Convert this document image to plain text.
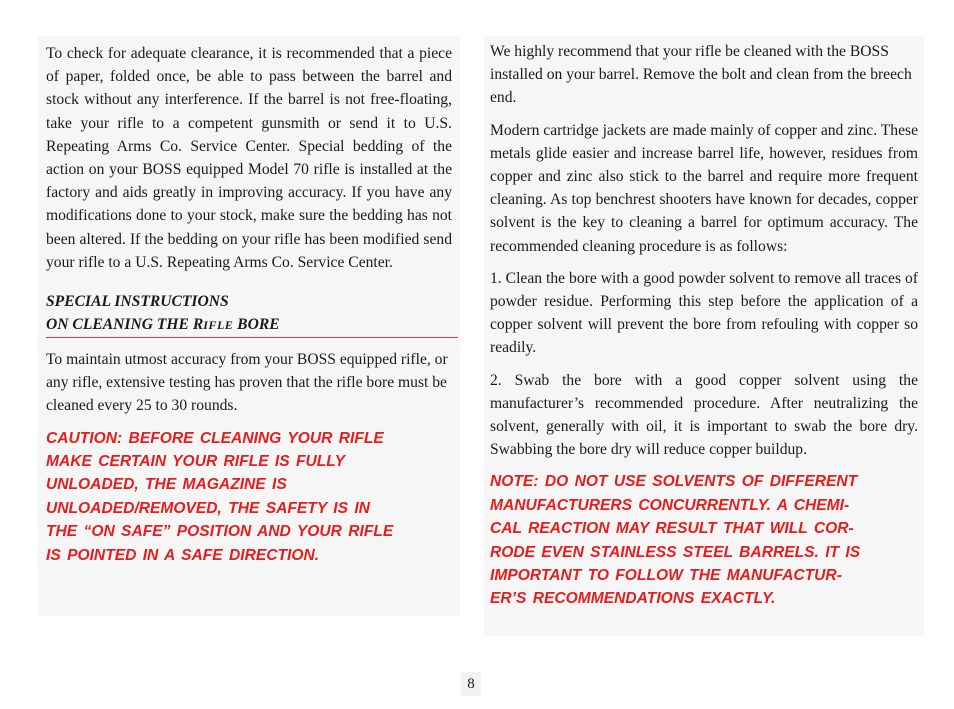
To check for adequate clearance, it is recommended that a piece of paper, folded once, be able to pass between the barrel and stock without any interference. If the barrel is not free-floating, take your rifle to a competent gunsmith or send it to U.S. Repeating Arms Co. Service Center. Special bedding of the action on your BOSS equipped Model 70 rifle is installed at the factory and aids greatly in improving accuracy. If you have any modifications done to your stock, make sure the bedding has not been altered. If the bedding on your rifle has been modified send your rifle to a U.S. Repeating Arms Co. Service Center.

SPECIAL INSTRUCTIONS
ON CLEANING THE RIFLE BORE

To maintain utmost accuracy from your BOSS equipped rifle, or any rifle, extensive testing has proven that the rifle bore must be cleaned every 25 to 30 rounds.

CAUTION: BEFORE CLEANING YOUR RIFLE

MAKE CERTAIN YOUR RIFLE IS FULLY

UNLOADED, THE MAGAZINE IS

UNLOADED/REMOVED, THE SAFETY IS IN

THE “ON SAFE” POSITION AND YOUR RIFLE

IS POINTED IN A SAFE DIRECTION.

We highly recommend that your rifle be cleaned with the BOSS installed on your barrel. Remove the bolt and clean from the breech end.

Modern cartridge jackets are made mainly of copper and zinc. These metals glide easier and increase barrel life, however, residues from copper and zinc also stick to the barrel and require more frequent cleaning. As top benchrest shooters have known for decades, copper solvent is the key to cleaning a barrel for optimum accuracy. The recommended cleaning procedure is as follows:

1. Clean the bore with a good powder solvent to remove all traces of powder residue. Performing this step before the application of a copper solvent will prevent the bore from refouling with copper so readily.

2. Swab the bore with a good copper solvent using the manufacturer’s recommended procedure. After neutralizing the solvent, generally with oil, it is important to swab the bore dry. Swabbing the bore dry will reduce copper buildup.

NOTE: DO NOT USE SOLVENTS OF DIFFERENT

MANUFACTURERS CONCURRENTLY. A CHEMI-

CAL REACTION MAY RESULT THAT WILL COR-

RODE EVEN STAINLESS STEEL BARRELS. IT IS

IMPORTANT TO FOLLOW THE MANUFACTUR-

ER’S RECOMMENDATIONS EXACTLY.

8
